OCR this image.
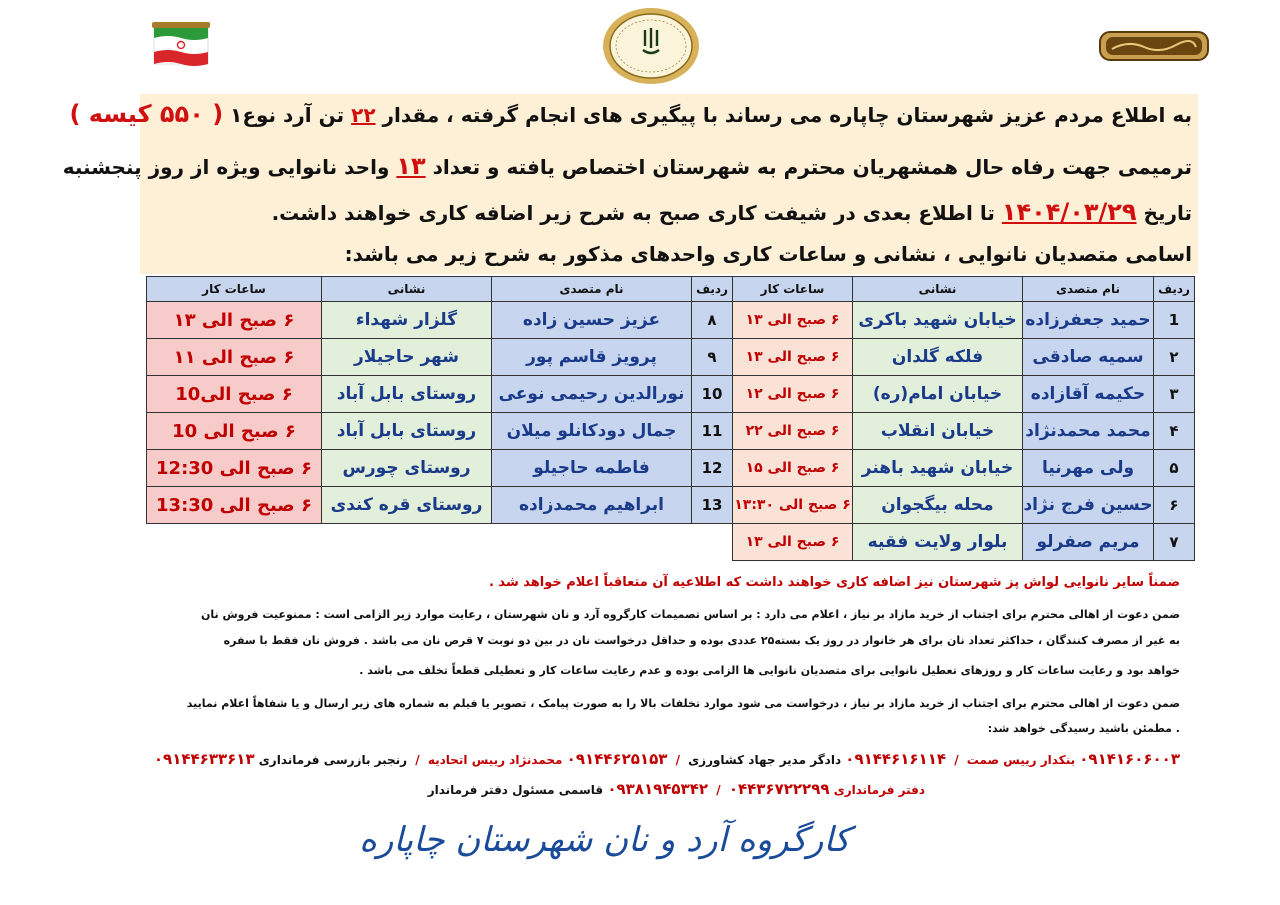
به اطلاع مردم عزیز شهرستان چاپاره می رساند با پیگیری های انجام گرفته ، مقدار ۲۲ تن آرد نوع۱ ( ۵۵۰ کیسه )
ترمیمی جهت رفاه حال همشهریان محترم به شهرستان اختصاص یافته و تعداد ۱۳ واحد نانوایی ویژه از روز پنجشنبه
تاریخ ۱۴۰۴/۰۳/۲۹ تا اطلاع بعدی در شیفت کاری صبح به شرح زیر اضافه کاری خواهند داشت.
اسامی متصدیان نانوایی ، نشانی و ساعات کاری واحدهای مذکور به شرح زیر می باشد:
ردیف	نام متصدی	نشانی	ساعات کار	ردیف	نام متصدی	نشانی	ساعات کار
1	حمید جعفرزاده	خیابان شهید باکری	۶ صبح الی ۱۳	۸	عزیز حسین زاده	گلزار شهداء	۶ صبح الی ۱۳
۲	سمیه صادقی	فلکه گلدان	۶ صبح الی ۱۳	۹	پرویز قاسم پور	شهر حاجیلار	۶ صبح الی ۱۱
۳	حکیمه آقازاده	خیابان امام(ره)	۶ صبح الی ۱۲	10	نورالدین رحیمی نوعی	روستای بابل آباد	۶ صبح الی10
۴	محمد محمدنژاد	خیابان انقلاب	۶ صبح الی ۲۲	11	جمال دودکانلو میلان	روستای بابل آباد	۶ صبح الی 10
۵	ولی مهرنیا	خیابان شهید باهنر	۶ صبح الی ۱۵	12	فاطمه حاجیلو	روستای چورس	۶ صبح الی 12:30
۶	حسین فرج نژاد	محله بیگجوان	۶ صبح الی ۱۳:۳۰	13	ابراهیم محمدزاده	روستای قره کندی	۶ صبح الی 13:30
۷	مریم صفرلو	بلوار ولایت فقیه	۶ صبح الی ۱۳				
ضمناً سایر نانوایی لواش پز شهرستان نیز اضافه کاری خواهند داشت که اطلاعیه آن متعاقباً اعلام خواهد شد .
ضمن دعوت از اهالی محترم برای اجتناب از خرید مازاد بر نیاز ، اعلام می دارد : بر اساس تصمیمات کارگروه آرد و نان شهرستان ، رعایت موارد زیر الزامی است : ممنوعیت فروش نان
به غیر از مصرف کنندگان ، حداکثر تعداد نان برای هر خانوار در روز یک بسته۲۵ عددی بوده و حداقل درخواست نان در بین دو نوبت ۷ قرص نان می باشد . فروش نان فقط با سفره
خواهد بود و رعایت ساعات کار و روزهای تعطیل نانوایی برای متصدیان نانوایی ها الزامی بوده و عدم رعایت ساعات کار و تعطیلی قطعاً تخلف می باشد .
ضمن دعوت از اهالی محترم برای اجتناب از خرید مازاد بر نیاز ، درخواست می شود موارد تخلفات بالا را به صورت پیامک ، تصویر یا فیلم به شماره های زیر ارسال و یا شفاهاً اعلام نمایید
. مطمئن باشید رسیدگی خواهد شد:
۰۹۱۴۱۶۰۶۰۰۳ بنکدار رییس صمت / ۰۹۱۴۴۶۱۶۱۱۴ دادگر مدیر جهاد کشاورزی / ۰۹۱۴۴۶۲۵۱۵۳ محمدنژاد رییس اتحادیه / رنجبر بازرسی فرمانداری ۰۹۱۴۴۶۳۳۶۱۳
دفتر فرمانداری ۰۴۴۳۶۷۲۲۲۹۹ / ۰۹۳۸۱۹۴۵۳۴۲ قاسمی مسئول دفتر فرماندار
کارگروه آرد و نان شهرستان چاپاره
